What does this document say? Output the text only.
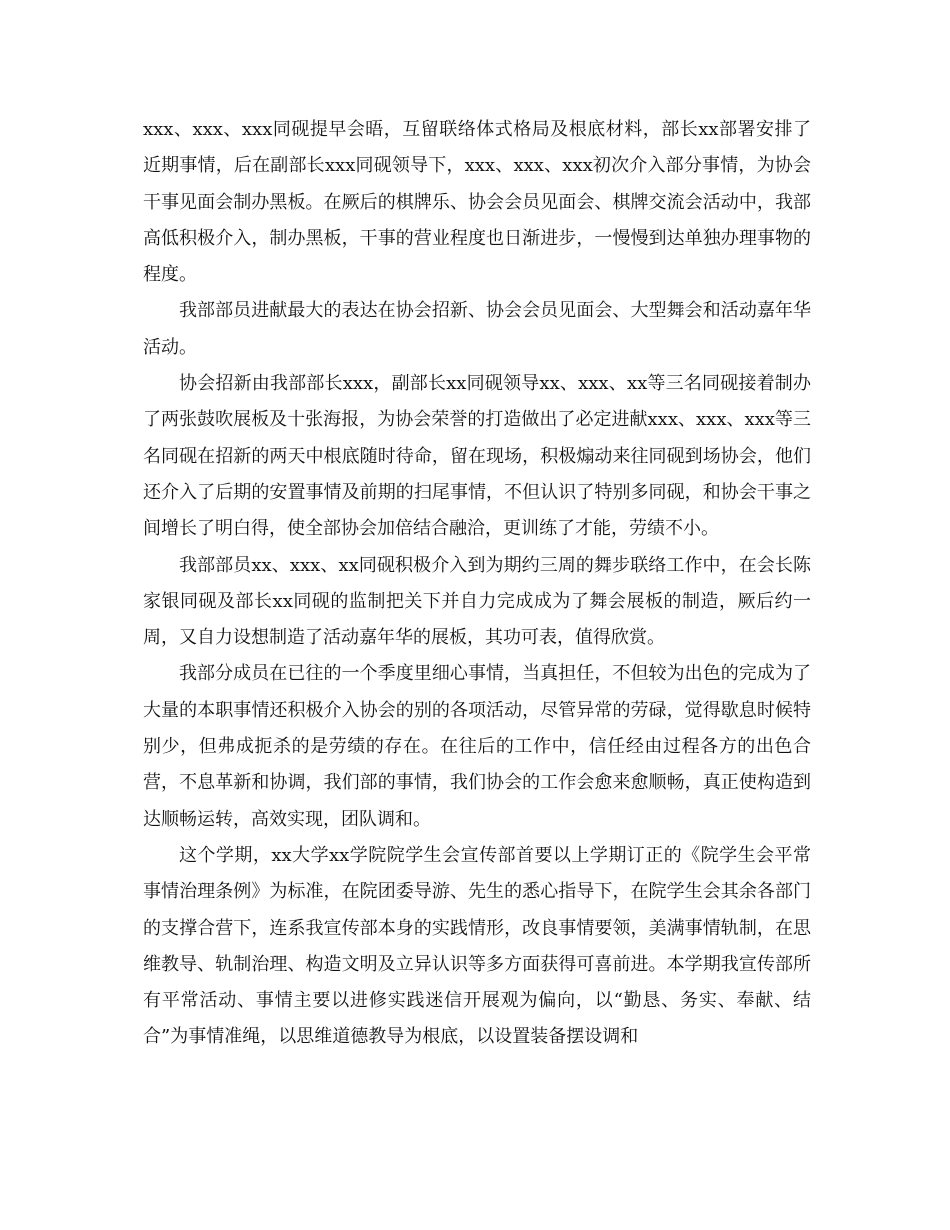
xxx、xxx、xxx同砚提早会晤，互留联络体式格局及根底材料，部长xx部署安排了近期事情，后在副部长xxx同砚领导下，xxx、xxx、xxx初次介入部分事情，为协会干事见面会制办黑板。在厥后的棋牌乐、协会会员见面会、棋牌交流会活动中，我部高低积极介入，制办黑板，干事的营业程度也日渐进步，一慢慢到达单独办理事物的程度。

我部部员进献最大的表达在协会招新、协会会员见面会、大型舞会和活动嘉年华活动。

协会招新由我部部长xxx，副部长xx同砚领导xx、xxx、xx等三名同砚接着制办了两张鼓吹展板及十张海报，为协会荣誉的打造做出了必定进献xxx、xxx、xxx等三名同砚在招新的两天中根底随时待命，留在现场，积极煽动来往同砚到场协会，他们还介入了后期的安置事情及前期的扫尾事情，不但认识了特别多同砚，和协会干事之间增长了明白得，使全部协会加倍结合融洽，更训练了才能，劳绩不小。

我部部员xx、xxx、xx同砚积极介入到为期约三周的舞步联络工作中，在会长陈家银同砚及部长xx同砚的监制把关下并自力完成成为了舞会展板的制造，厥后约一周，又自力设想制造了活动嘉年华的展板，其功可表，值得欣赏。

我部分成员在已往的一个季度里细心事情，当真担任，不但较为出色的完成为了大量的本职事情还积极介入协会的别的各项活动，尽管异常的劳碌，觉得歇息时候特别少，但弗成扼杀的是劳绩的存在。在往后的工作中，信任经由过程各方的出色合营，不息革新和协调，我们部的事情，我们协会的工作会愈来愈顺畅，真正使构造到达顺畅运转，高效实现，团队调和。

这个学期，xx大学xx学院院学生会宣传部首要以上学期订正的《院学生会平常事情治理条例》为标准，在院团委导游、先生的悉心指导下，在院学生会其余各部门的支撑合营下，连系我宣传部本身的实践情形，改良事情要领，美满事情轨制，在思维教导、轨制治理、构造文明及立异认识等多方面获得可喜前进。本学期我宣传部所有平常活动、事情主要以进修实践迷信开展观为偏向，以“勤恳、务实、奉献、结合”为事情准绳，以思维道德教导为根底，以设置装备摆设调和
